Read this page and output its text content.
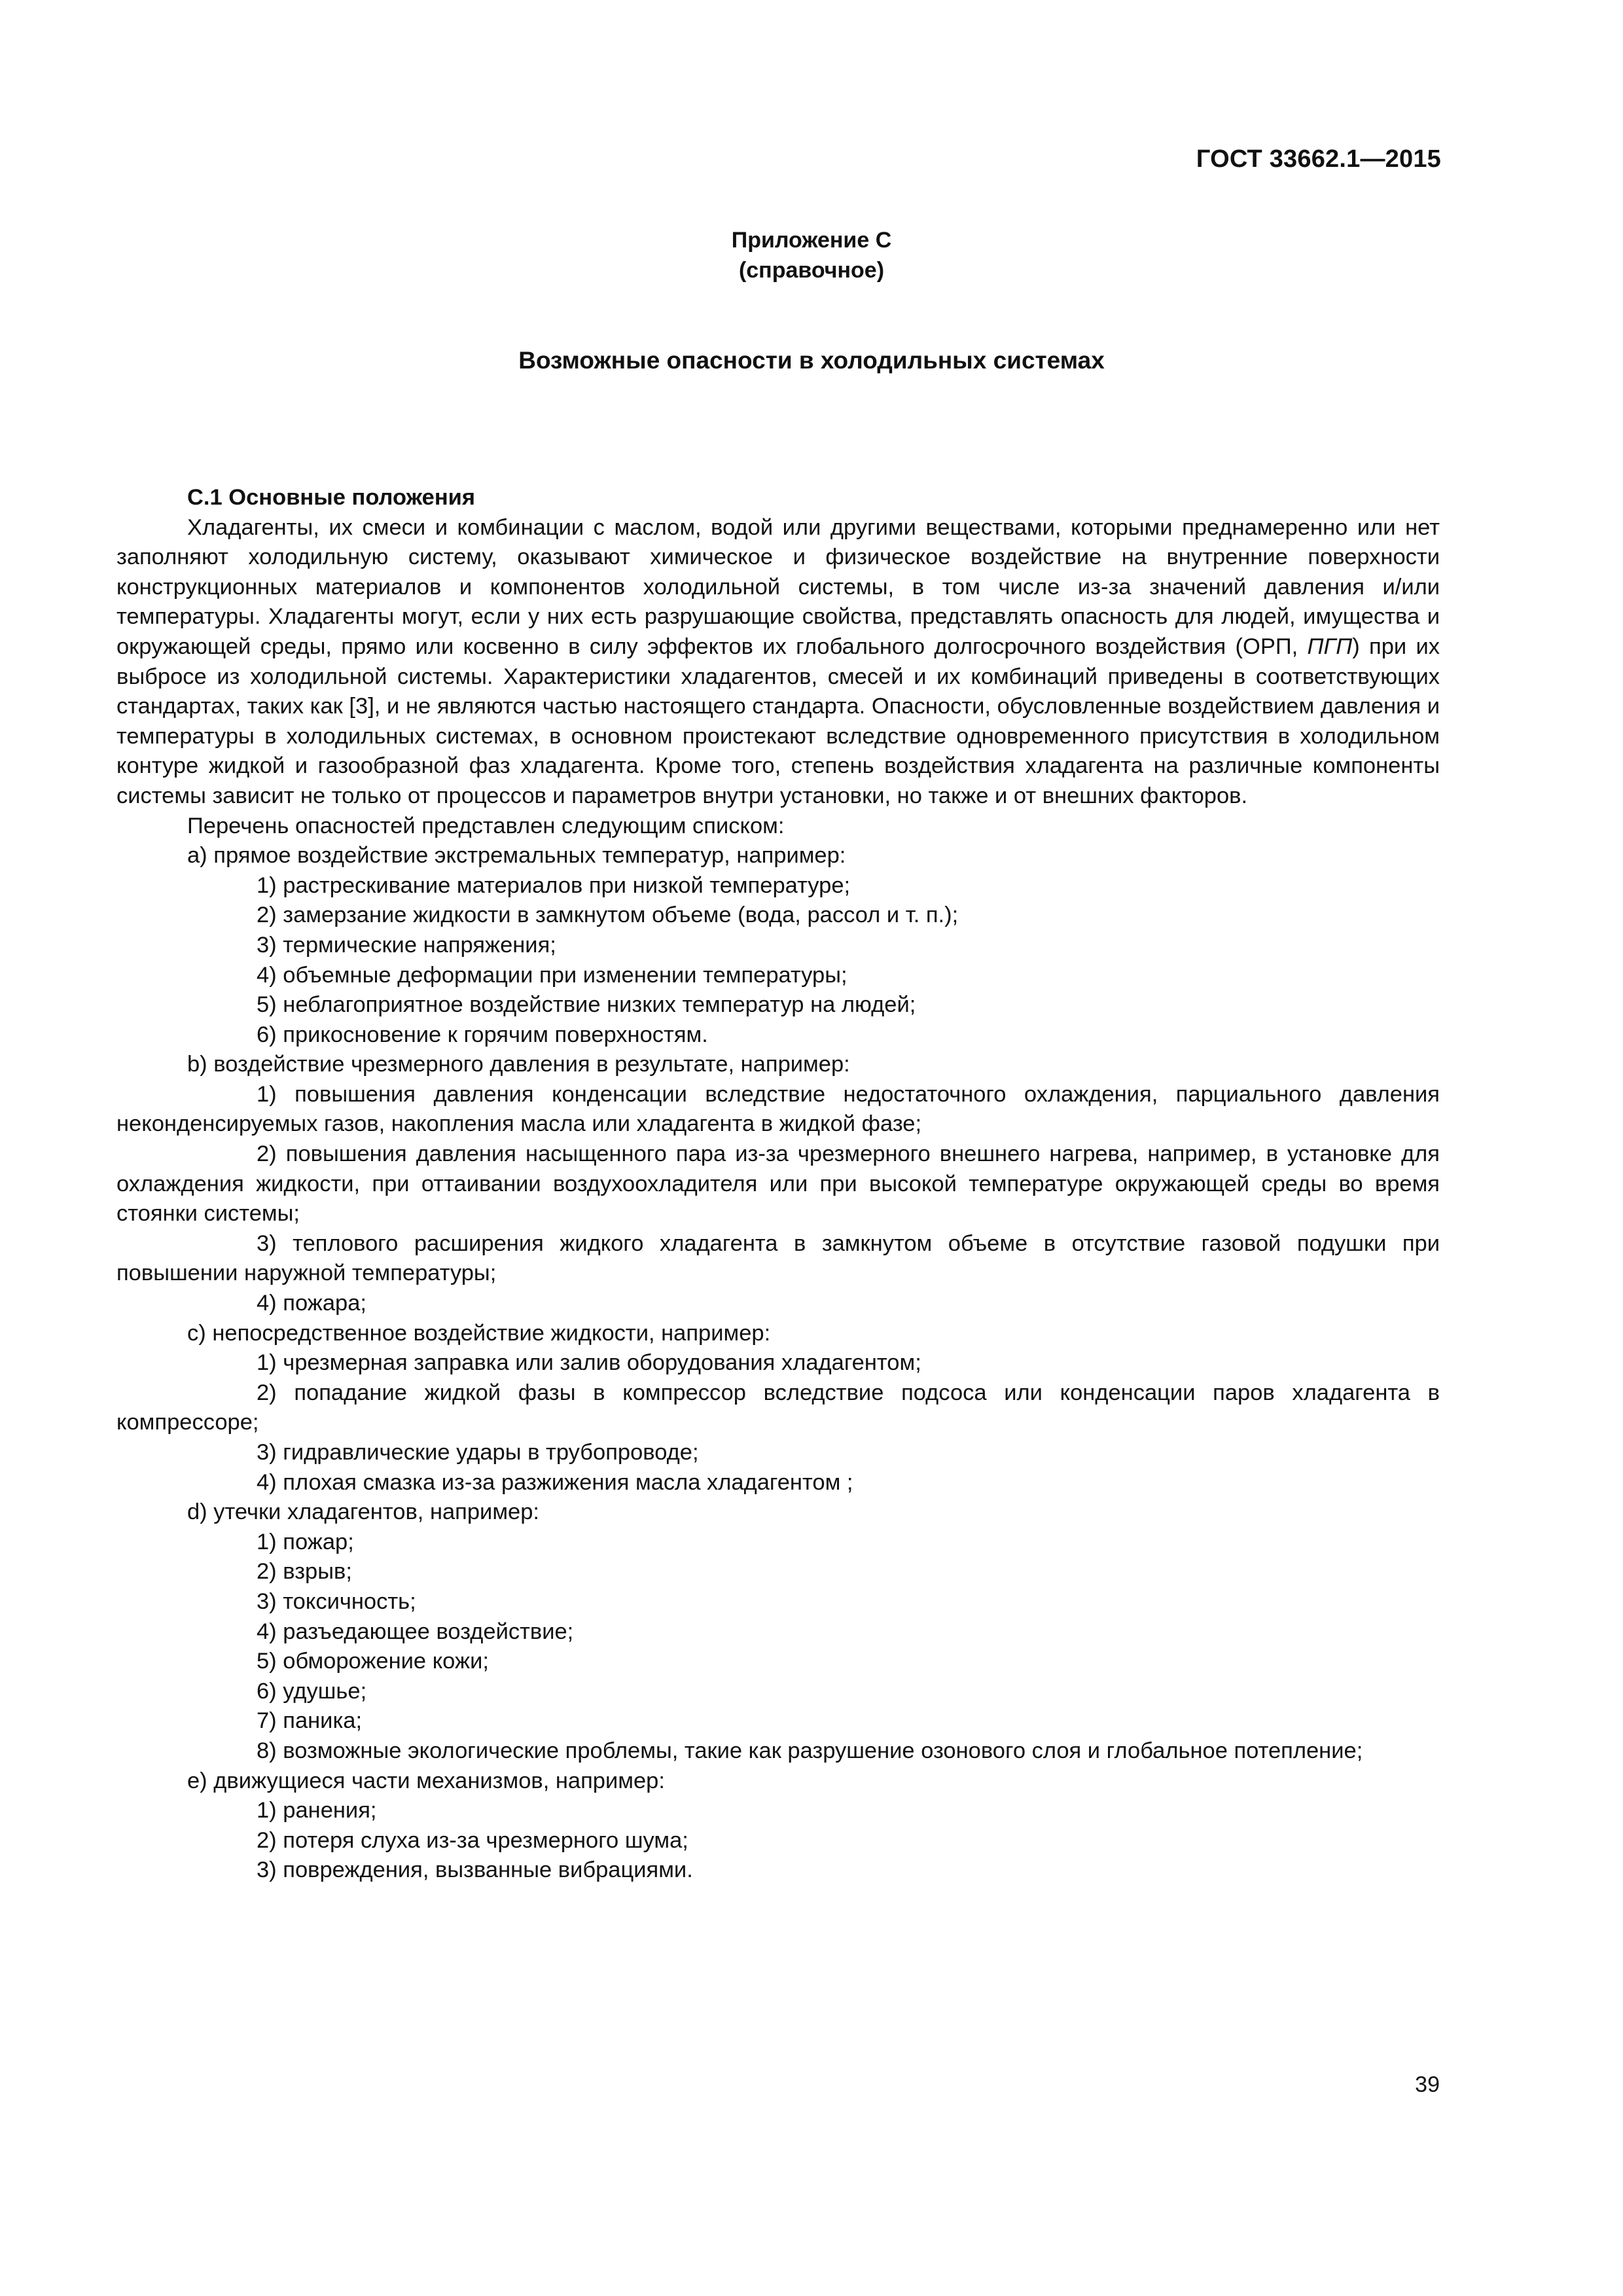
ГОСТ 33662.1—2015
Приложение С
(справочное)
Возможные опасности в холодильных системах

С.1 Основные положения

Хладагенты, их смеси и комбинации с маслом, водой или другими веществами, которыми преднамеренно или нет заполняют холодильную систему, оказывают химическое и физическое воздействие на внутренние поверхности конструкционных материалов и компонентов холодильной системы, в том числе из-за значений давления и/или температуры. Хладагенты могут, если у них есть разрушающие свойства, представлять опасность для людей, имущества и окружающей среды, прямо или косвенно в силу эффектов их глобального долгосрочного воздействия (ОРП, ПГП) при их выбросе из холодильной системы. Характеристики хладагентов, смесей и их комбинаций приведены в соответствующих стандартах, таких как [3], и не являются частью настоящего стандарта. Опасности, обусловленные воздействием давления и температуры в холодильных системах, в основном проистекают вследствие одновременного присутствия в холодильном контуре жидкой и газообразной фаз хладагента. Кроме того, степень воздействия хладагента на различные компоненты системы зависит не только от процессов и параметров внутри установки, но также и от внешних факторов.

Перечень опасностей представлен следующим списком:

a) прямое воздействие экстремальных температур, например:

1) растрескивание материалов при низкой температуре;

2) замерзание жидкости в замкнутом объеме (вода, рассол и т. п.);

3) термические напряжения;

4) объемные деформации при изменении температуры;

5) неблагоприятное воздействие низких температур на людей;

6) прикосновение к горячим поверхностям.

b) воздействие чрезмерного давления в результате, например:

1) повышения давления конденсации вследствие недостаточного охлаждения, парциального давления неконденсируемых газов, накопления масла или хладагента в жидкой фазе;

2) повышения давления насыщенного пара из-за чрезмерного внешнего нагрева, например, в установке для охлаждения жидкости, при оттаивании воздухоохладителя или при высокой температуре окружающей среды во время стоянки системы;

3) теплового расширения жидкого хладагента в замкнутом объеме в отсутствие газовой подушки при повышении наружной температуры;

4) пожара;

c) непосредственное воздействие жидкости, например:

1) чрезмерная заправка или залив оборудования хладагентом;

2) попадание жидкой фазы в компрессор вследствие подсоса или конденсации паров хладагента в компрессоре;

3) гидравлические удары в трубопроводе;

4) плохая смазка из-за разжижения масла хладагентом ;

d) утечки хладагентов, например:

1) пожар;

2) взрыв;

3) токсичность;

4) разъедающее воздействие;

5) обморожение кожи;

6) удушье;

7) паника;

8) возможные экологические проблемы, такие как разрушение озонового слоя и глобальное потепление;

e) движущиеся части механизмов, например:

1) ранения;

2) потеря слуха из-за чрезмерного шума;

3) повреждения, вызванные вибрациями.

39
